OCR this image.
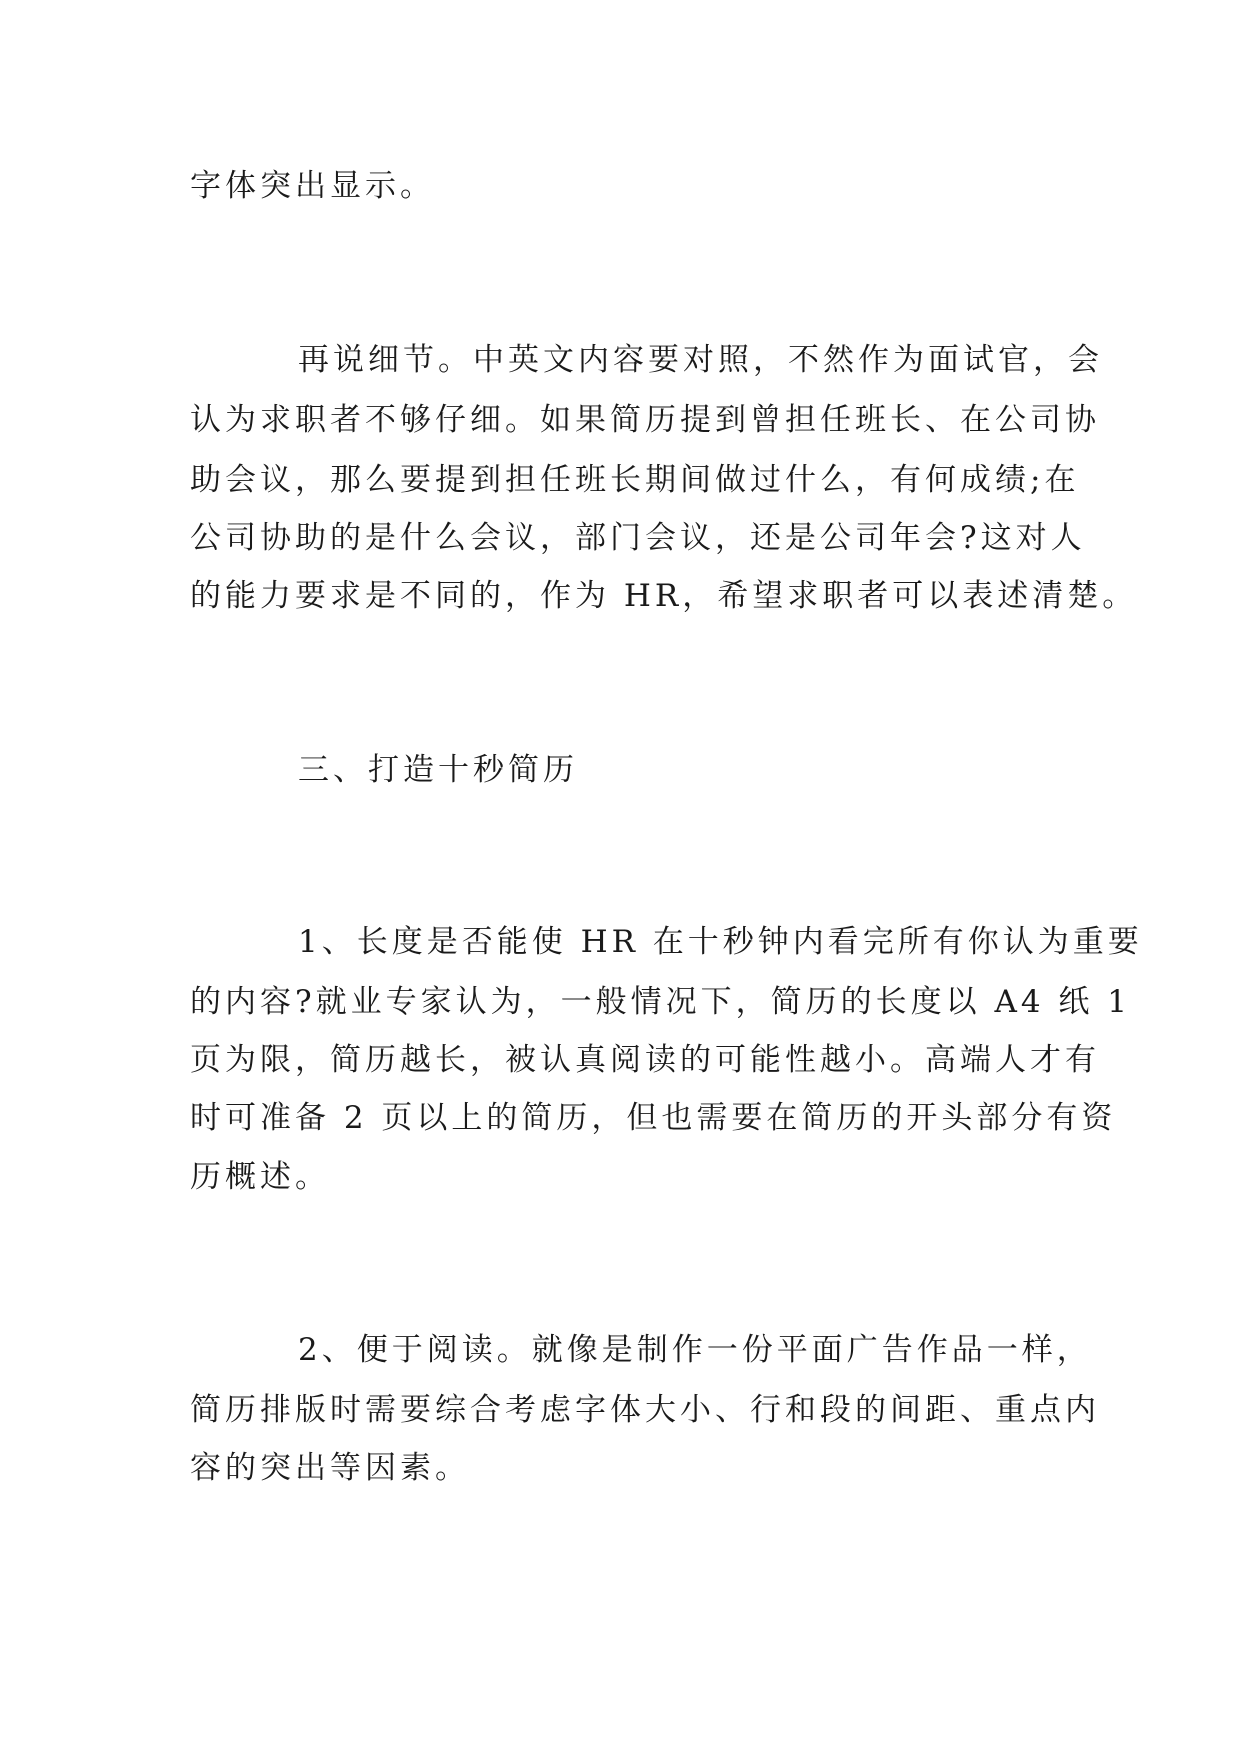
字体突出显示。
再说细节。中英文内容要对照，不然作为面试官，会
认为求职者不够仔细。如果简历提到曾担任班长、在公司协
助会议，那么要提到担任班长期间做过什么，有何成绩;在
公司协助的是什么会议，部门会议，还是公司年会?这对人
的能力要求是不同的，作为 HR，希望求职者可以表述清楚。
三、打造十秒简历
1、长度是否能使 HR 在十秒钟内看完所有你认为重要
的内容?就业专家认为，一般情况下，简历的长度以 A4 纸 1
页为限，简历越长，被认真阅读的可能性越小。高端人才有
时可准备 2 页以上的简历，但也需要在简历的开头部分有资
历概述。
2、便于阅读。就像是制作一份平面广告作品一样，
简历排版时需要综合考虑字体大小、行和段的间距、重点内
容的突出等因素。
